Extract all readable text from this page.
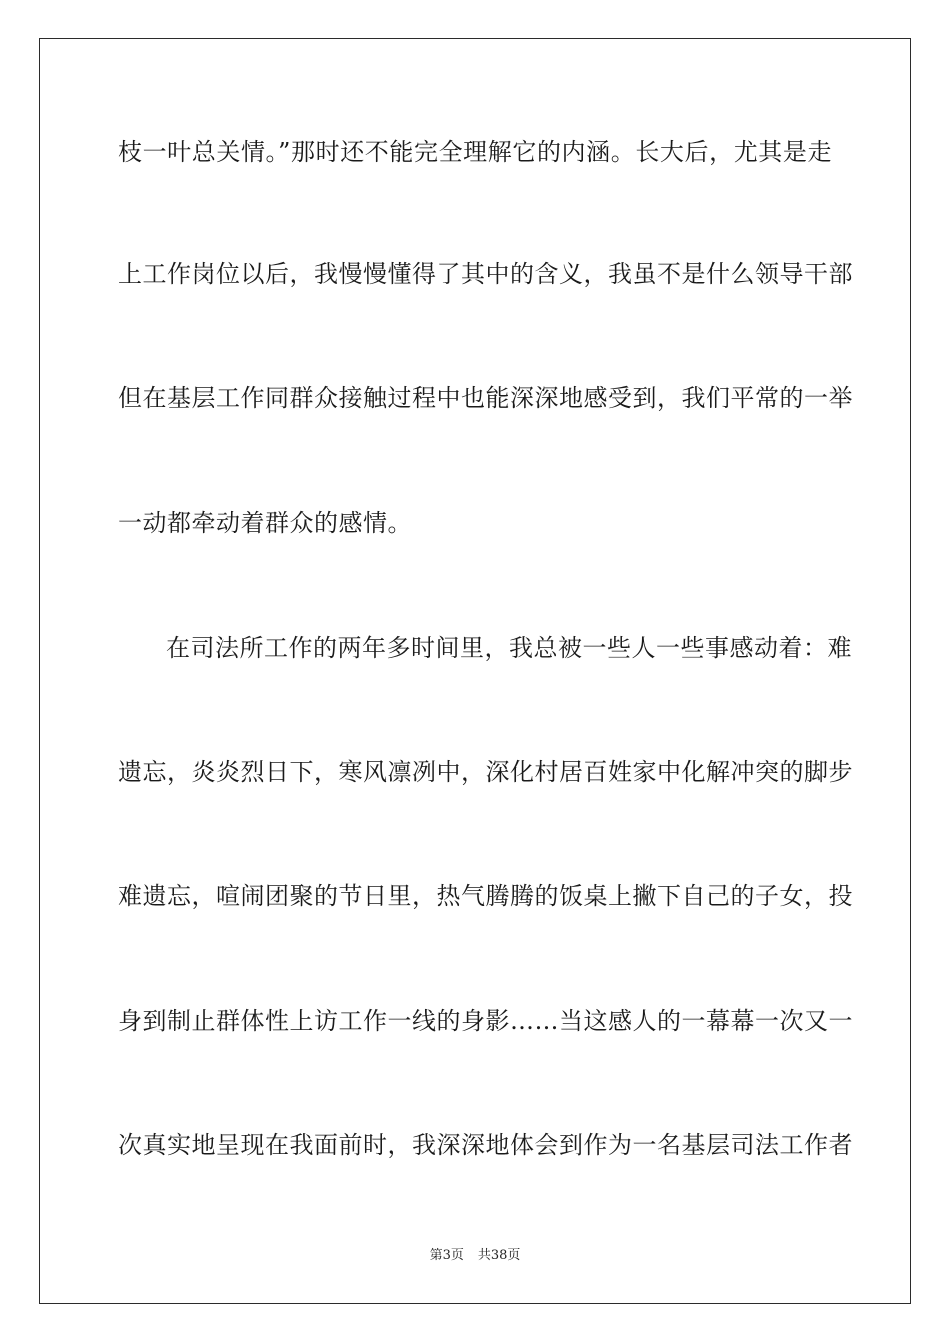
枝一叶总关情。”那时还不能完全理解它的内涵。长大后，尤其是走
上工作岗位以后，我慢慢懂得了其中的含义，我虽不是什么领导干部
但在基层工作同群众接触过程中也能深深地感受到，我们平常的一举
一动都牵动着群众的感情。
在司法所工作的两年多时间里，我总被一些人一些事感动着：难
遗忘，炎炎烈日下，寒风凛冽中，深化村居百姓家中化解冲突的脚步
难遗忘，喧闹团聚的节日里，热气腾腾的饭桌上撇下自己的子女，投
身到制止群体性上访工作一线的身影……当这感人的一幕幕一次又一
次真实地呈现在我面前时，我深深地体会到作为一名基层司法工作者
第3页 共38页
